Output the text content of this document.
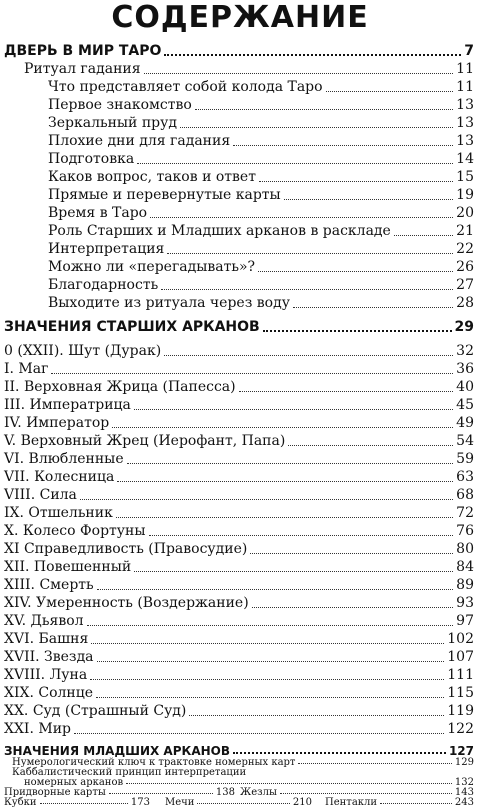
СОДЕРЖАНИЕ
ДВЕРЬ В МИР ТАРО	7
Ритуал гадания	11
Что представляет собой колода Таро	11
Первое знакомство	13
Зеркальный пруд	13
Плохие дни для гадания	13
Подготовка	14
Каков вопрос, таков и ответ	15
Прямые и перевернутые карты	19
Время в Таро	20
Роль Старших и Младших арканов в раскладе	21
Интерпретация	22
Можно ли «перегадывать»?	26
Благодарность	27
Выходите из ритуала через воду	28
ЗНАЧЕНИЯ СТАРШИХ АРКАНОВ	29
0 (XXII). Шут (Дурак)	32
I. Маг	36
II. Верховная Жрица (Папесса)	40
III. Императрица	45
IV. Император	49
V. Верховный Жрец (Иерофант, Папа)	54
VI. Влюбленные	59
VII. Колесница	63
VIII. Сила	68
IX. Отшельник	72
X. Колесо Фортуны	76
XI Справедливость (Правосудие)	80
XII. Повешенный	84
XIII. Смерть	89
XIV. Умеренность (Воздержание)	93
XV. Дьявол	97
XVI. Башня	102
XVII. Звезда	107
XVIII. Луна	111
XIX. Солнце	115
XX. Суд (Страшный Суд)	119
XXI. Мир	122
ЗНАЧЕНИЯ МЛАДШИХ АРКАНОВ	127
Нумерологический ключ к трактовке номерных карт	129
Каббалистический принцип интерпретации
номерных арканов	132
Придворные карты	138 Жезлы	143
Кубки	173 Мечи	210 Пентакли	243
